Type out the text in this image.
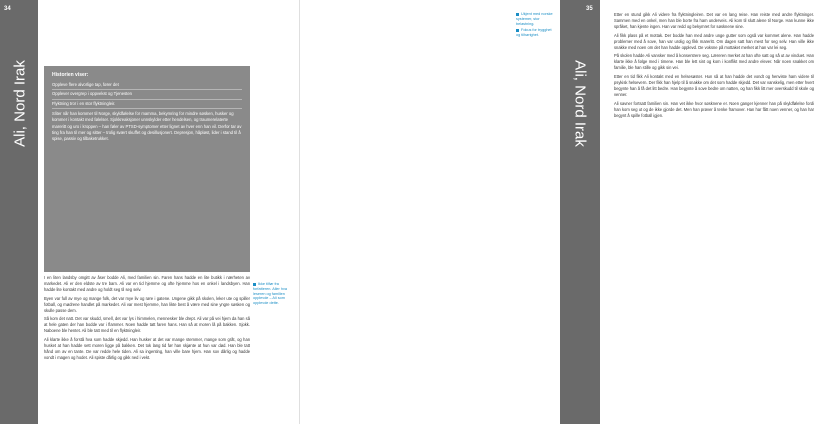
34
Ali, Nord Irak	Historien viser:
Oppleve flere alvorlige tap, fører det
Opplever overgrep i oppvekst og Tjenesten
Flyktning tror i en stor flyktningleir.
Sliter når han kommer til Norge, skyldfølelse for mamma, bekymring for mindre søsken, husker og kommer i kontakt med følelser. Sjokkreaksjoner unnskylder etter hendelsen, og traumerelaterte mareritt og uro i kroppen – han føler av PTSD-symptomer etter lignet av hver enn han vil. Derfor tar av ting fra han til mer og sitter – trolig svært skuffet og desillusjonert. Depresjon, håpløst, lider i stand til å spise, passiv og tilbaketrukket.

I en liten landsby omgitt av åser bodde Ali, med familien sin. Faren hans hadde en lite butikk i nærheten av markedet. Ali er den eldste av tre barn. Ali var en tid hjemme og ofte hjemme hos en onkel i landsbyen. Han hadde lite kontakt med andre og holdt seg til seg selv.

Byen var full av mye og mange folk, det var mye liv og røre i gatene. Ungene gikk på skolen, leker ute og spiller fotball, og mødrene handlet på markedet. Ali var mest hjemme, han likte best å være med sine yngre søsken og skulle passe dem.

Så kom det natt. Det var skudd, smell, det var lys i himmelen, mennesker ble drept. Ali var på vei hjem da han så at hele gaten der han bodde var i flammer. Noen hadde tatt faren hans. Han så at moren lå på bakken. Sjokk. Naboene ble hentet. Ali ble tatt med til en flyktningleir.

Ali klarte ikke å forstå hva som hadde skjedd. Han husker at det var mange stemmer, mange som gråt, og han husket at han hadde sett moren ligge på bakken. Det tok lang tid før han skjønte at hun var død. Han ble tatt hånd om av en tante. De var redde hele tiden. Ali sa ingenting, han ville bare hjem. Han sov dårlig og hadde vondt i magen og hodet. Ali spiste dårlig og gikk ned i vekt.

Ikke tilfør fra forfatteren. Aller hva leseren og familien opplevde – Ali som opplevde dette.

Etter en stund gikk Ali videre fra flyktningleiren. Det var en lang reise. Han reiste med andre flyktninger. Sammen med en onkel, men han ble borte fra ham underveis. Ali kom til slutt alene til Norge. Han kunne ikke språket, han kjente ingen. Han var redd og bekymret for søsknene sine.

Ali fikk plass på et mottak. Der bodde han med andre unge gutter som også var kommet alene. Han hadde problemer med å sove, han var urolig og fikk mareritt. Om dagen satt han mest for seg selv. Han ville ikke snakke med noen om det han hadde opplevd. De voksne på mottaket merket at han var lei seg.

På skolen hadde Ali vansker med å konsentrere seg. Læreren merket at han ofte satt og så ut av vinduet. Han klarte ikke å følge med i timene. Han ble lett sint og kom i konflikt med andre elever. Når noen snakket om familie, ble han stille og gikk sin vei.

Etter en tid fikk Ali kontakt med en helsesøster. Hun så at han hadde det vondt og henviste ham videre til psykisk helsevern. Der fikk han hjelp til å snakke om det som hadde skjedd. Det var vanskelig, men etter hvert begynte han å få det litt bedre. Han begynte å sove bedre om natten, og han fikk litt mer overskudd til skole og venner.

Ali savner fortsatt familien sin. Han vet ikke hvor søsknene er. Noen ganger kjenner han på skyldfølelse fordi han kom seg ut og de ikke gjorde det. Men han prøver å tenke framover. Han har fått noen venner, og han har begynt å spille fotball igjen.

Ukjent med norske systemer, stor belastning.
Fokus for trygghet og tilhørighet.
35
Ali, Nord Irak
